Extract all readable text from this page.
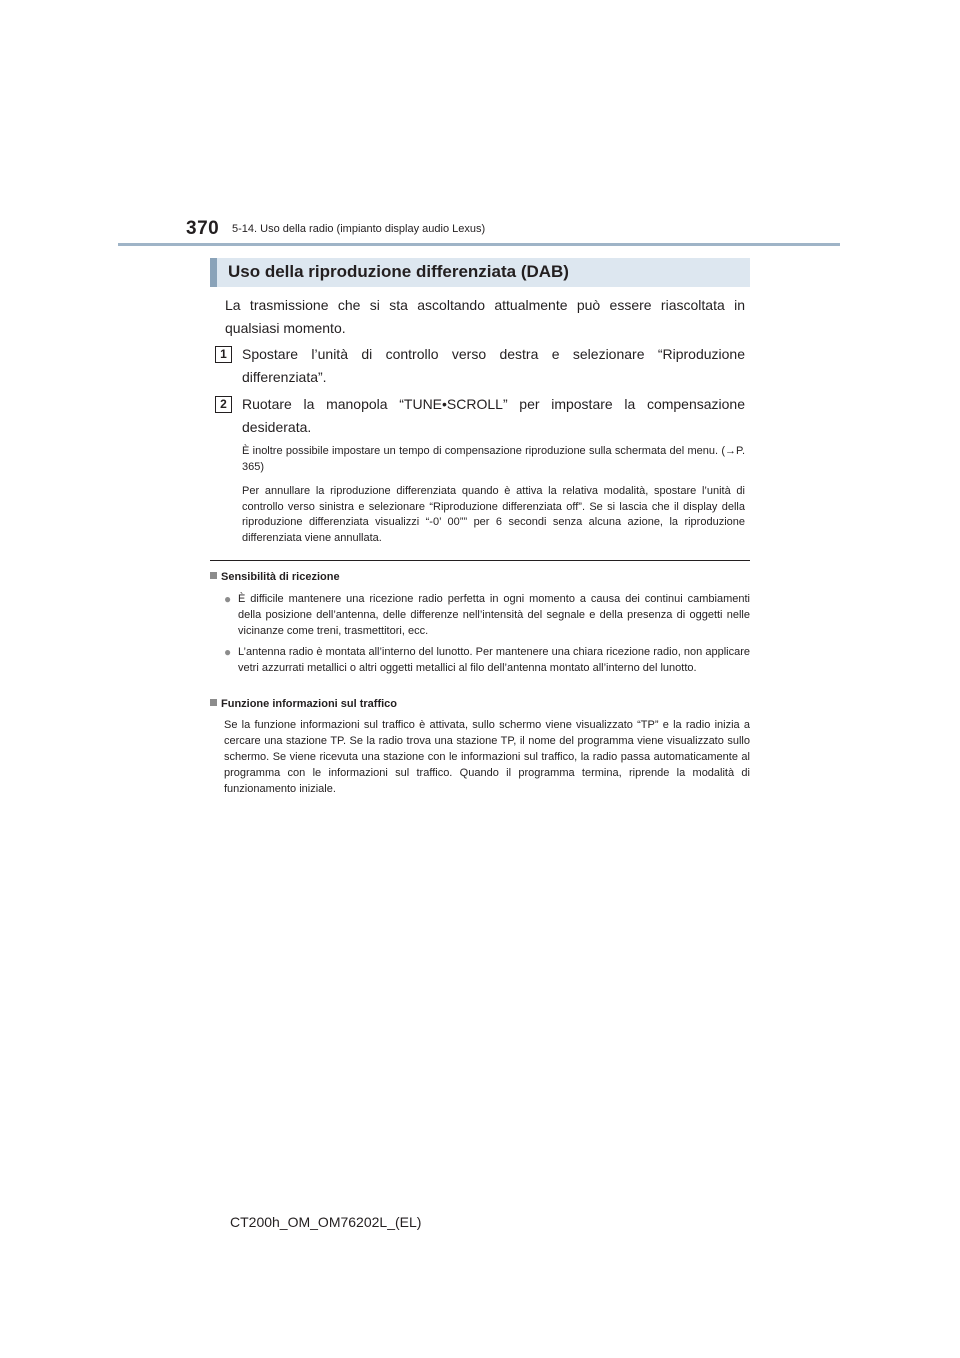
370 5-14. Uso della radio (impianto display audio Lexus)
Uso della riproduzione differenziata (DAB)
La trasmissione che si sta ascoltando attualmente può essere riascoltata in qualsiasi momento.
1	Spostare l’unità di controllo verso destra e selezionare “Riproduzione differenziata”.
2	Ruotare la manopola “TUNE•SCROLL” per impostare la compensazione desiderata.
È inoltre possibile impostare un tempo di compensazione riproduzione sulla schermata del menu. (→P. 365)
Per annullare la riproduzione differenziata quando è attiva la relativa modalità, spostare l’unità di controllo verso sinistra e selezionare “Riproduzione differenziata off”. Se si lascia che il display della riproduzione differenziata visualizzi “-0’ 00”” per 6 secondi senza alcuna azione, la riproduzione differenziata viene annullata.
Sensibilità di ricezione
● È difficile mantenere una ricezione radio perfetta in ogni momento a causa dei continui cambiamenti della posizione dell’antenna, delle differenze nell’intensità del segnale e della presenza di oggetti nelle vicinanze come treni, trasmettitori, ecc.
● L’antenna radio è montata all’interno del lunotto. Per mantenere una chiara ricezione radio, non applicare vetri azzurrati metallici o altri oggetti metallici al filo dell’antenna montato all’interno del lunotto.
Funzione informazioni sul traffico
Se la funzione informazioni sul traffico è attivata, sullo schermo viene visualizzato “TP” e la radio inizia a cercare una stazione TP. Se la radio trova una stazione TP, il nome del programma viene visualizzato sullo schermo. Se viene ricevuta una stazione con le informazioni sul traffico, la radio passa automaticamente al programma con le informazioni sul traffico. Quando il programma termina, riprende la modalità di funzionamento iniziale.
CT200h_OM_OM76202L_(EL)
